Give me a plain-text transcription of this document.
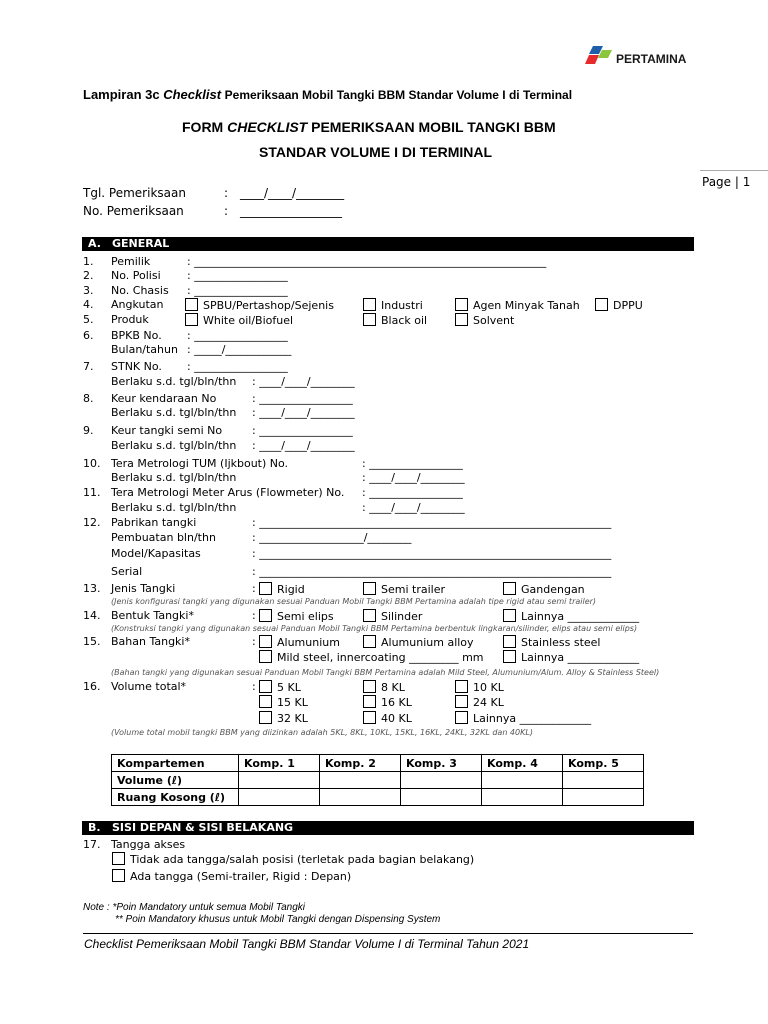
PERTAMINA
Lampiran 3c Checklist Pemeriksaan Mobil Tangki BBM Standar Volume I di Terminal
FORM CHECKLIST PEMERIKSAAN MOBIL TANGKI BBM
STANDAR VOLUME I DI TERMINAL
Page | 1
Tgl. Pemeriksaan	: ____/____/________
No. Pemeriksaan	: _________________
A. GENERAL
1. Pemilik	: ________________________________________________________________
2. No. Polisi : _________________
3. No. Chasis : _________________
4. Angkutan	SPBU/Pertashop/Sejenis	Industri	Agen Minyak Tanah	DPPU
5. Produk	White oil/Biofuel	Black oil	Solvent
6. BPKB No. : _________________
Bulan/tahun : _____/____________
7. STNK No. : _________________
Berlaku s.d. tgl/bln/thn : ____/____/________
8. Keur kendaraan No	: _________________
Berlaku s.d. tgl/bln/thn : ____/____/________
9. Keur tangki semi No	: _________________
Berlaku s.d. tgl/bln/thn : ____/____/________
10. Tera Metrologi TUM (Ijkbout) No.	: _________________
Berlaku s.d. tgl/bln/thn	: ____/____/________
11. Tera Metrologi Meter Arus (Flowmeter) No. : _________________
Berlaku s.d. tgl/bln/thn	: ____/____/________
12. Pabrikan tangki	: ________________________________________________________________
Pembuatan bln/thn	: ___________________/________
Model/Kapasitas	: ________________________________________________________________
Serial	: ________________________________________________________________
13. Jenis Tangki	:	Rigid	Semi trailer	Gandengan
(Jenis konfigurasi tangki yang digunakan sesuai Panduan Mobil Tangki BBM Pertamina adalah tipe rigid atau semi trailer)
14. Bentuk Tangki*	:	Semi elips	Silinder	Lainnya _____________
(Konstruksi tangki yang digunakan sesuai Panduan Mobil Tangki BBM Pertamina berbentuk lingkaran/silinder, elips atau semi elips)
15. Bahan Tangki*	:	Alumunium	Alumunium alloy	Stainless steel
Mild steel, innercoating _________ mm	Lainnya _____________
(Bahan tangki yang digunakan sesuai Panduan Mobil Tangki BBM Pertamina adalah Mild Steel, Alumunium/Alum. Alloy & Stainless Steel)
16. Volume total*	:	5 KL	8 KL	10 KL
15 KL	16 KL	24 KL
32 KL	40 KL	Lainnya _____________
(Volume total mobil tangki BBM yang diizinkan adalah 5KL, 8KL, 10KL, 15KL, 16KL, 24KL, 32KL dan 40KL)
Kompartemen	Komp. 1	Komp. 2	Komp. 3	Komp. 4	Komp. 5
Volume (ℓ)					
Ruang Kosong (ℓ)					
B. SISI DEPAN & SISI BELAKANG
17. Tangga akses
Tidak ada tangga/salah posisi (terletak pada bagian belakang)
Ada tangga (Semi-trailer, Rigid : Depan)
Note : *Poin Mandatory untuk semua Mobil Tangki
** Poin Mandatory khusus untuk Mobil Tangki dengan Dispensing System
Checklist Pemeriksaan Mobil Tangki BBM Standar Volume I di Terminal Tahun 2021
